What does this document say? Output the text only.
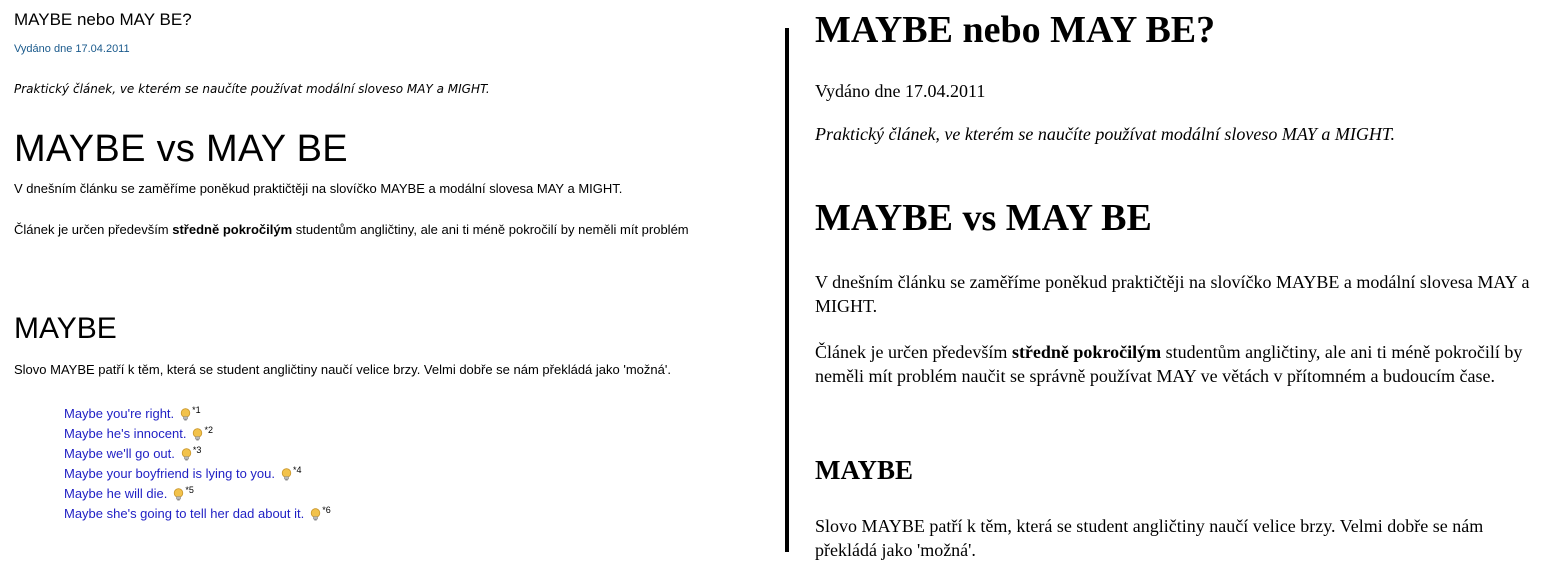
MAYBE nebo MAY BE?
Vydáno dne 17.04.2011

Praktický článek, ve kterém se naučíte používat modální sloveso MAY a MIGHT.

MAYBE vs MAY BE

V dnešním článku se zaměříme poněkud praktičtěji na slovíčko MAYBE a modální slovesa MAY a MIGHT.

Článek je určen především středně pokročilým studentům angličtiny, ale ani ti méně pokročilí by neměli mít problém

MAYBE

Slovo MAYBE patří k těm, která se student angličtiny naučí velice brzy. Velmi dobře se nám překládá jako 'možná'.

Maybe you're right. $^{*1}$
Maybe he's innocent. $^{*2}$
Maybe we'll go out. $^{*3}$
Maybe your boyfriend is lying to you. $^{*4}$
Maybe he will die. $^{*5}$
Maybe she's going to tell her dad about it. $^{*6}$
MAYBE nebo MAY BE?
Vydáno dne 17.04.2011

Praktický článek, ve kterém se naučíte používat modální sloveso MAY a MIGHT.

MAYBE vs MAY BE

V dnešním článku se zaměříme poněkud praktičtěji na slovíčko MAYBE a modální slovesa MAY a MIGHT.

Článek je určen především středně pokročilým studentům angličtiny, ale ani ti méně pokročilí by neměli mít problém naučit se správně používat MAY ve větách v přítomném a budoucím čase.

MAYBE

Slovo MAYBE patří k těm, která se student angličtiny naučí velice brzy. Velmi dobře se nám překládá jako 'možná'.
